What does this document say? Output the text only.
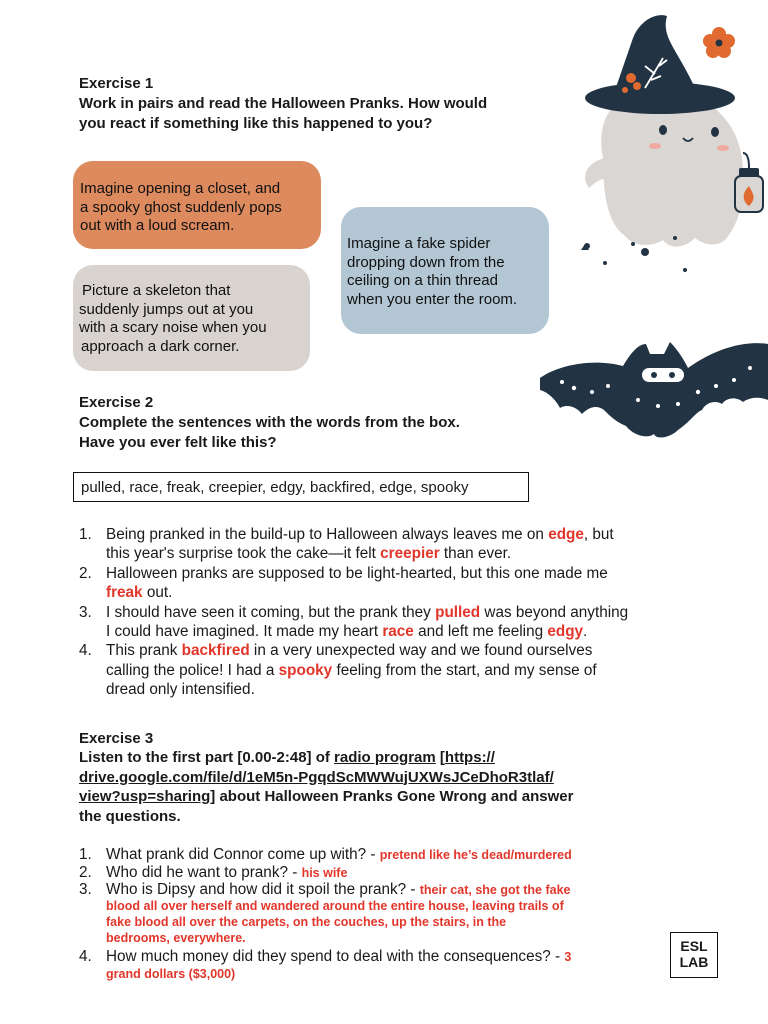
Exercise 1
Work in pairs and read the Halloween Pranks. How would
you react if something like this happened to you?
Imagine opening a closet, and
a spooky ghost suddenly pops
out with a loud scream.
Imagine a fake spider
dropping down from the
ceiling on a thin thread
when you enter the room.
Picture a skeleton that
suddenly jumps out at you
with a scary noise when you
approach a dark corner.
Exercise 2
Complete the sentences with the words from the box.
Have you ever felt like this?
pulled, race, freak, creepier, edgy, backfired, edge, spooky
1. Being pranked in the build-up to Halloween always leaves me on edge, but
this year's surprise took the cake—it felt creepier than ever.
2. Halloween pranks are supposed to be light-hearted, but this one made me
freak out.
3. I should have seen it coming, but the prank they pulled was beyond anything
I could have imagined. It made my heart race and left me feeling edgy.
4. This prank backfired in a very unexpected way and we found ourselves
calling the police! I had a spooky feeling from the start, and my sense of
dread only intensified.
Exercise 3
Listen to the first part [0.00-2:48] of radio program [https://
drive.google.com/file/d/1eM5n-PgqdScMWWujUXWsJCeDhoR3tlaf/
view?usp=sharing] about Halloween Pranks Gone Wrong and answer
the questions.
1. What prank did Connor come up with? - pretend like he’s dead/murdered
2. Who did he want to prank? - his wife
3. Who is Dipsy and how did it spoil the prank? - their cat, she got the fake
blood all over herself and wandered around the entire house, leaving trails of
fake blood all over the carpets, on the couches, up the stairs, in the
bedrooms, everywhere.
4. How much money did they spend to deal with the consequences? - 3
grand dollars ($3,000)
ESL
LAB
